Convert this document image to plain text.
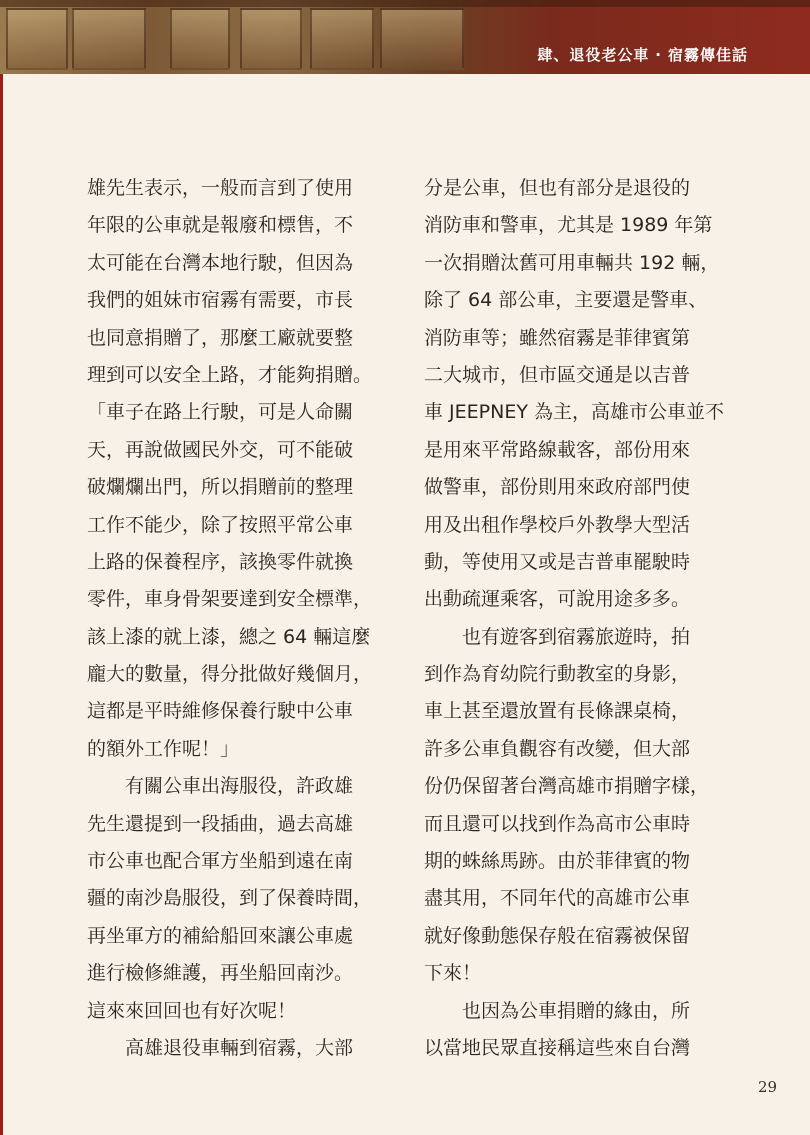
肆、退役老公車 ‧ 宿霧傳佳話
雄先生表示，一般而言到了使用
年限的公車就是報廢和標售，不
太可能在台灣本地行駛，但因為
我們的姐妹市宿霧有需要，市長
也同意捐贈了，那麼工廠就要整
理到可以安全上路，才能夠捐贈。
「車子在路上行駛，可是人命關
天，再說做國民外交，可不能破
破爛爛出門，所以捐贈前的整理
工作不能少，除了按照平常公車
上路的保養程序，該換零件就換
零件，車身骨架要達到安全標準，
該上漆的就上漆，總之 64 輛這麼
龐大的數量，得分批做好幾個月，
這都是平時維修保養行駛中公車
的額外工作呢！」
　　有關公車出海服役，許政雄
先生還提到一段插曲，過去高雄
市公車也配合軍方坐船到遠在南
疆的南沙島服役，到了保養時間，
再坐軍方的補給船回來讓公車處
進行檢修維護，再坐船回南沙。
這來來回回也有好次呢！
　　高雄退役車輛到宿霧，大部
分是公車，但也有部分是退役的
消防車和警車，尤其是 1989 年第
一次捐贈汰舊可用車輛共 192 輛，
除了 64 部公車，主要還是警車、
消防車等；雖然宿霧是菲律賓第
二大城市，但市區交通是以吉普
車 JEEPNEY 為主，高雄市公車並不
是用來平常路線載客，部份用來
做警車，部份則用來政府部門使
用及出租作學校戶外教學大型活
動，等使用又或是吉普車罷駛時
出動疏運乘客，可說用途多多。
　　也有遊客到宿霧旅遊時，拍
到作為育幼院行動教室的身影，
車上甚至還放置有長條課桌椅，
許多公車負觀容有改變，但大部
份仍保留著台灣高雄市捐贈字樣，
而且還可以找到作為高市公車時
期的蛛絲馬跡。由於菲律賓的物
盡其用，不同年代的高雄市公車
就好像動態保存般在宿霧被保留
下來！
　　也因為公車捐贈的緣由，所
以當地民眾直接稱這些來自台灣
29
